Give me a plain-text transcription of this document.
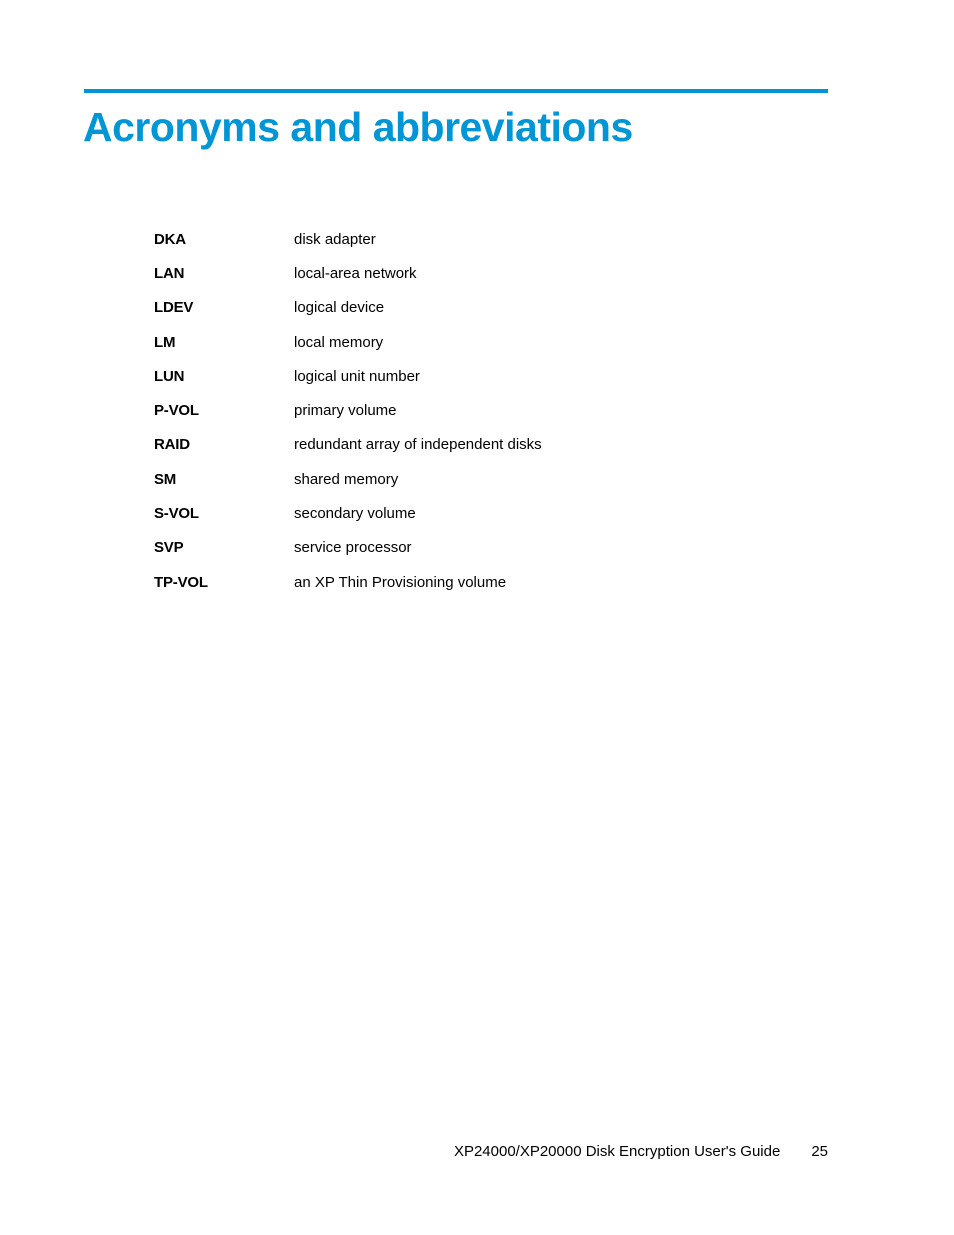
Acronyms and abbreviations
DKA	disk adapter
LAN	local-area network
LDEV	logical device
LM	local memory
LUN	logical unit number
P-VOL	primary volume
RAID	redundant array of independent disks
SM	shared memory
S-VOL	secondary volume
SVP	service processor
TP-VOL	an XP Thin Provisioning volume
XP24000/XP20000 Disk Encryption User's Guide 25
